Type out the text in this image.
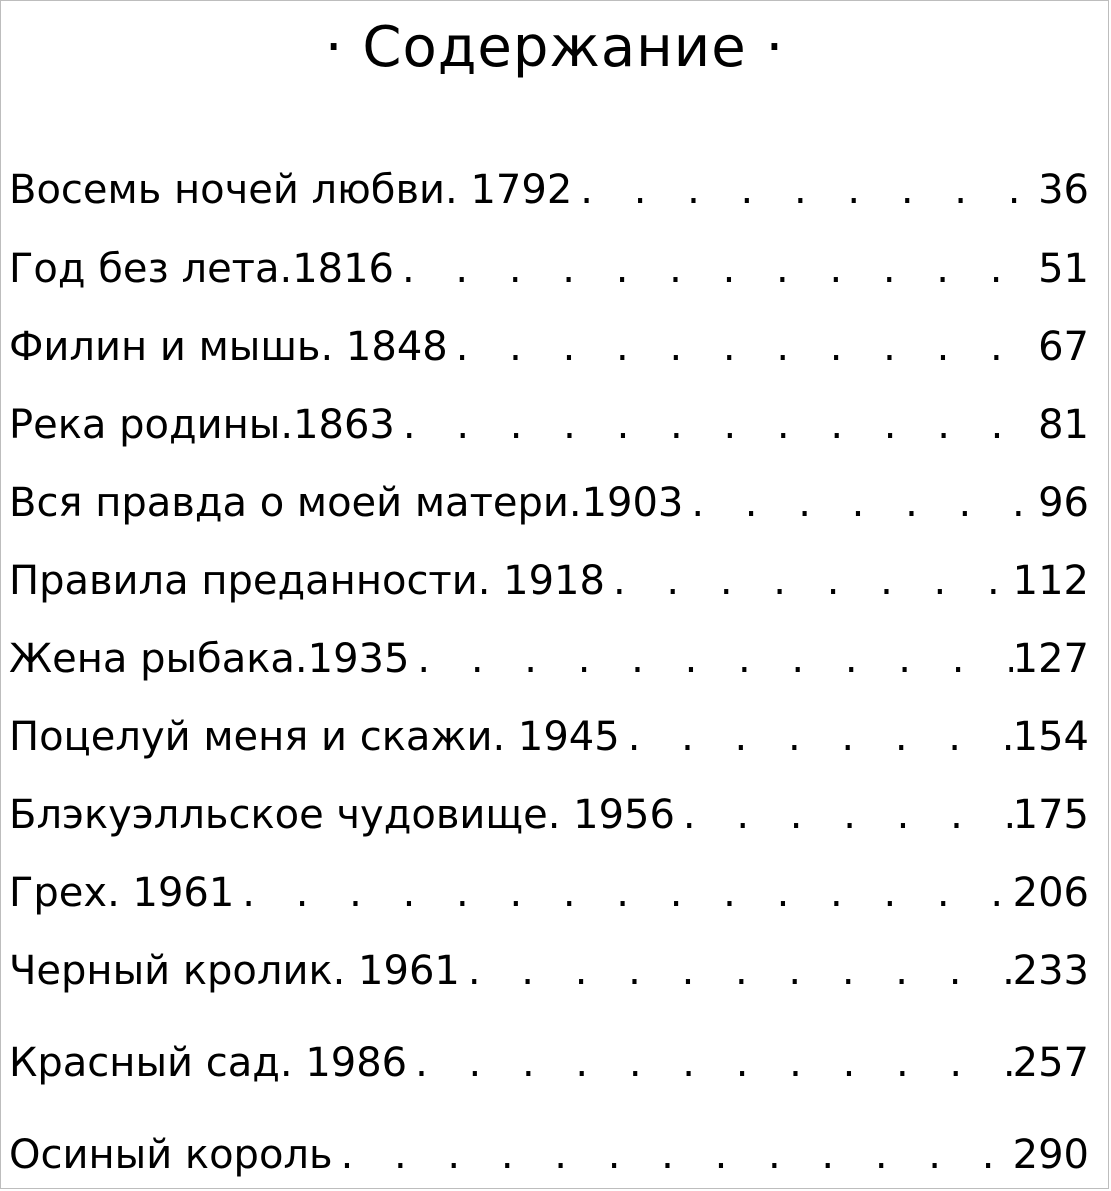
· Содержание ·
Восемь ночей любви. 1792 . . .	36
Год без лета.1816 . . .	51
Филин и мышь. 1848 . . .	67
Река родины.1863 . . .	81
Вся правда о моей матери.1903 . . .	96
Правила преданности. 1918 . . .	112
Жена рыбака.1935 . . .	127
Поцелуй меня и скажи. 1945 . . .	154
Блэкуэлльское чудовище. 1956 . . .	175
Грех. 1961 . . .	206
Черный кролик. 1961 . . .	233
Красный сад. 1986 . . .	257
Осиный король . . .	290
